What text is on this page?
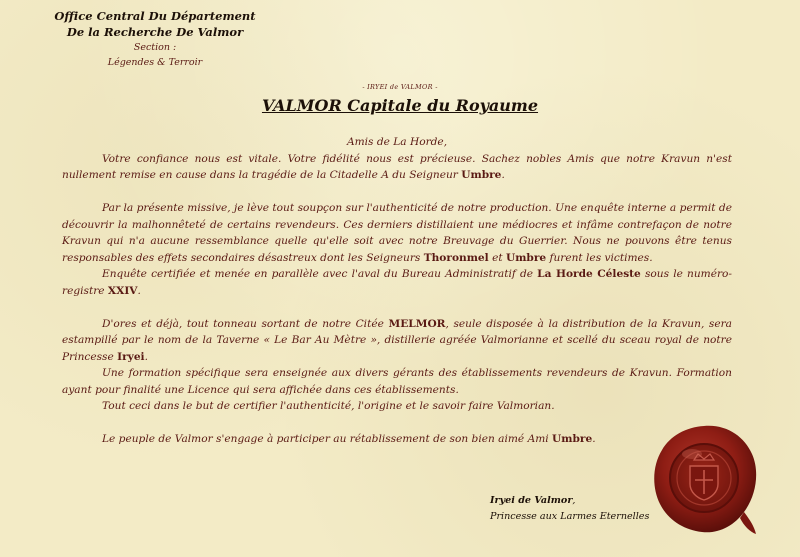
Office Central Du Département
De la Recherche De Valmor
Section :
Légendes & Terroir
- IRYEI de VALMOR -
VALMOR Capitale du Royaume

Amis de La Horde,

Votre confiance nous est vitale. Votre fidélité nous est précieuse. Sachez nobles Amis que notre Kravun n'est nullement remise en cause dans la tragédie de la Citadelle A du Seigneur Umbre.

Par la présente missive, je lève tout soupçon sur l'authenticité de notre production. Une enquête interne a permit de découvrir la malhonnêteté de certains revendeurs. Ces derniers distillaient une médiocres et infâme contrefaçon de notre Kravun qui n'a aucune ressemblance quelle qu'elle soit avec notre Breuvage du Guerrier. Nous ne pouvons être tenus responsables des effets secondaires désastreux dont les Seigneurs Thoronmel et Umbre furent les victimes.

Enquête certifiée et menée en parallèle avec l'aval du Bureau Administratif de La Horde Céleste sous le numéro-registre XXIV.

D'ores et déjà, tout tonneau sortant de notre Citée MELMOR, seule disposée à la distribution de la Kravun, sera estampillé par le nom de la Taverne « Le Bar Au Mètre », distillerie agréée Valmorianne et scellé du sceau royal de notre Princesse Iryei.

Une formation spécifique sera enseignée aux divers gérants des établissements revendeurs de Kravun. Formation ayant pour finalité une Licence qui sera affichée dans ces établissements.

Tout ceci dans le but de certifier l'authenticité, l'origine et le savoir faire Valmorian.

Le peuple de Valmor s'engage à participer au rétablissement de son bien aimé Ami Umbre.

Iryei de Valmor,
Princesse aux Larmes Eternelles
